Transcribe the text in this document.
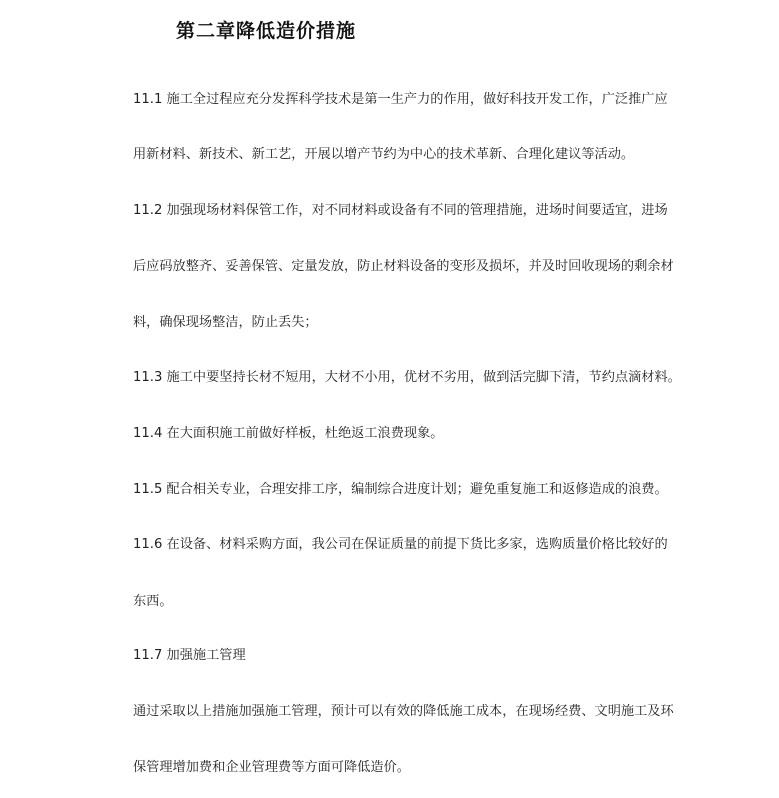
第二章降低造价措施
11.1 施工全过程应充分发挥科学技术是第一生产力的作用，做好科技开发工作，广泛推广应
用新材料、新技术、新工艺，开展以增产节约为中心的技术革新、合理化建议等活动。
11.2 加强现场材料保管工作，对不同材料或设备有不同的管理措施，进场时间要适宜，进场
后应码放整齐、妥善保管、定量发放，防止材料设备的变形及损坏，并及时回收现场的剩余材
料，确保现场整洁，防止丢失；
11.3 施工中要坚持长材不短用，大材不小用，优材不劣用，做到活完脚下清，节约点滴材料。
11.4 在大面积施工前做好样板，杜绝返工浪费现象。
11.5 配合相关专业，合理安排工序，编制综合进度计划；避免重复施工和返修造成的浪费。
11.6 在设备、材料采购方面，我公司在保证质量的前提下货比多家，选购质量价格比较好的
东西。
11.7 加强施工管理
通过采取以上措施加强施工管理，预计可以有效的降低施工成本，在现场经费、文明施工及环
保管理增加费和企业管理费等方面可降低造价。
